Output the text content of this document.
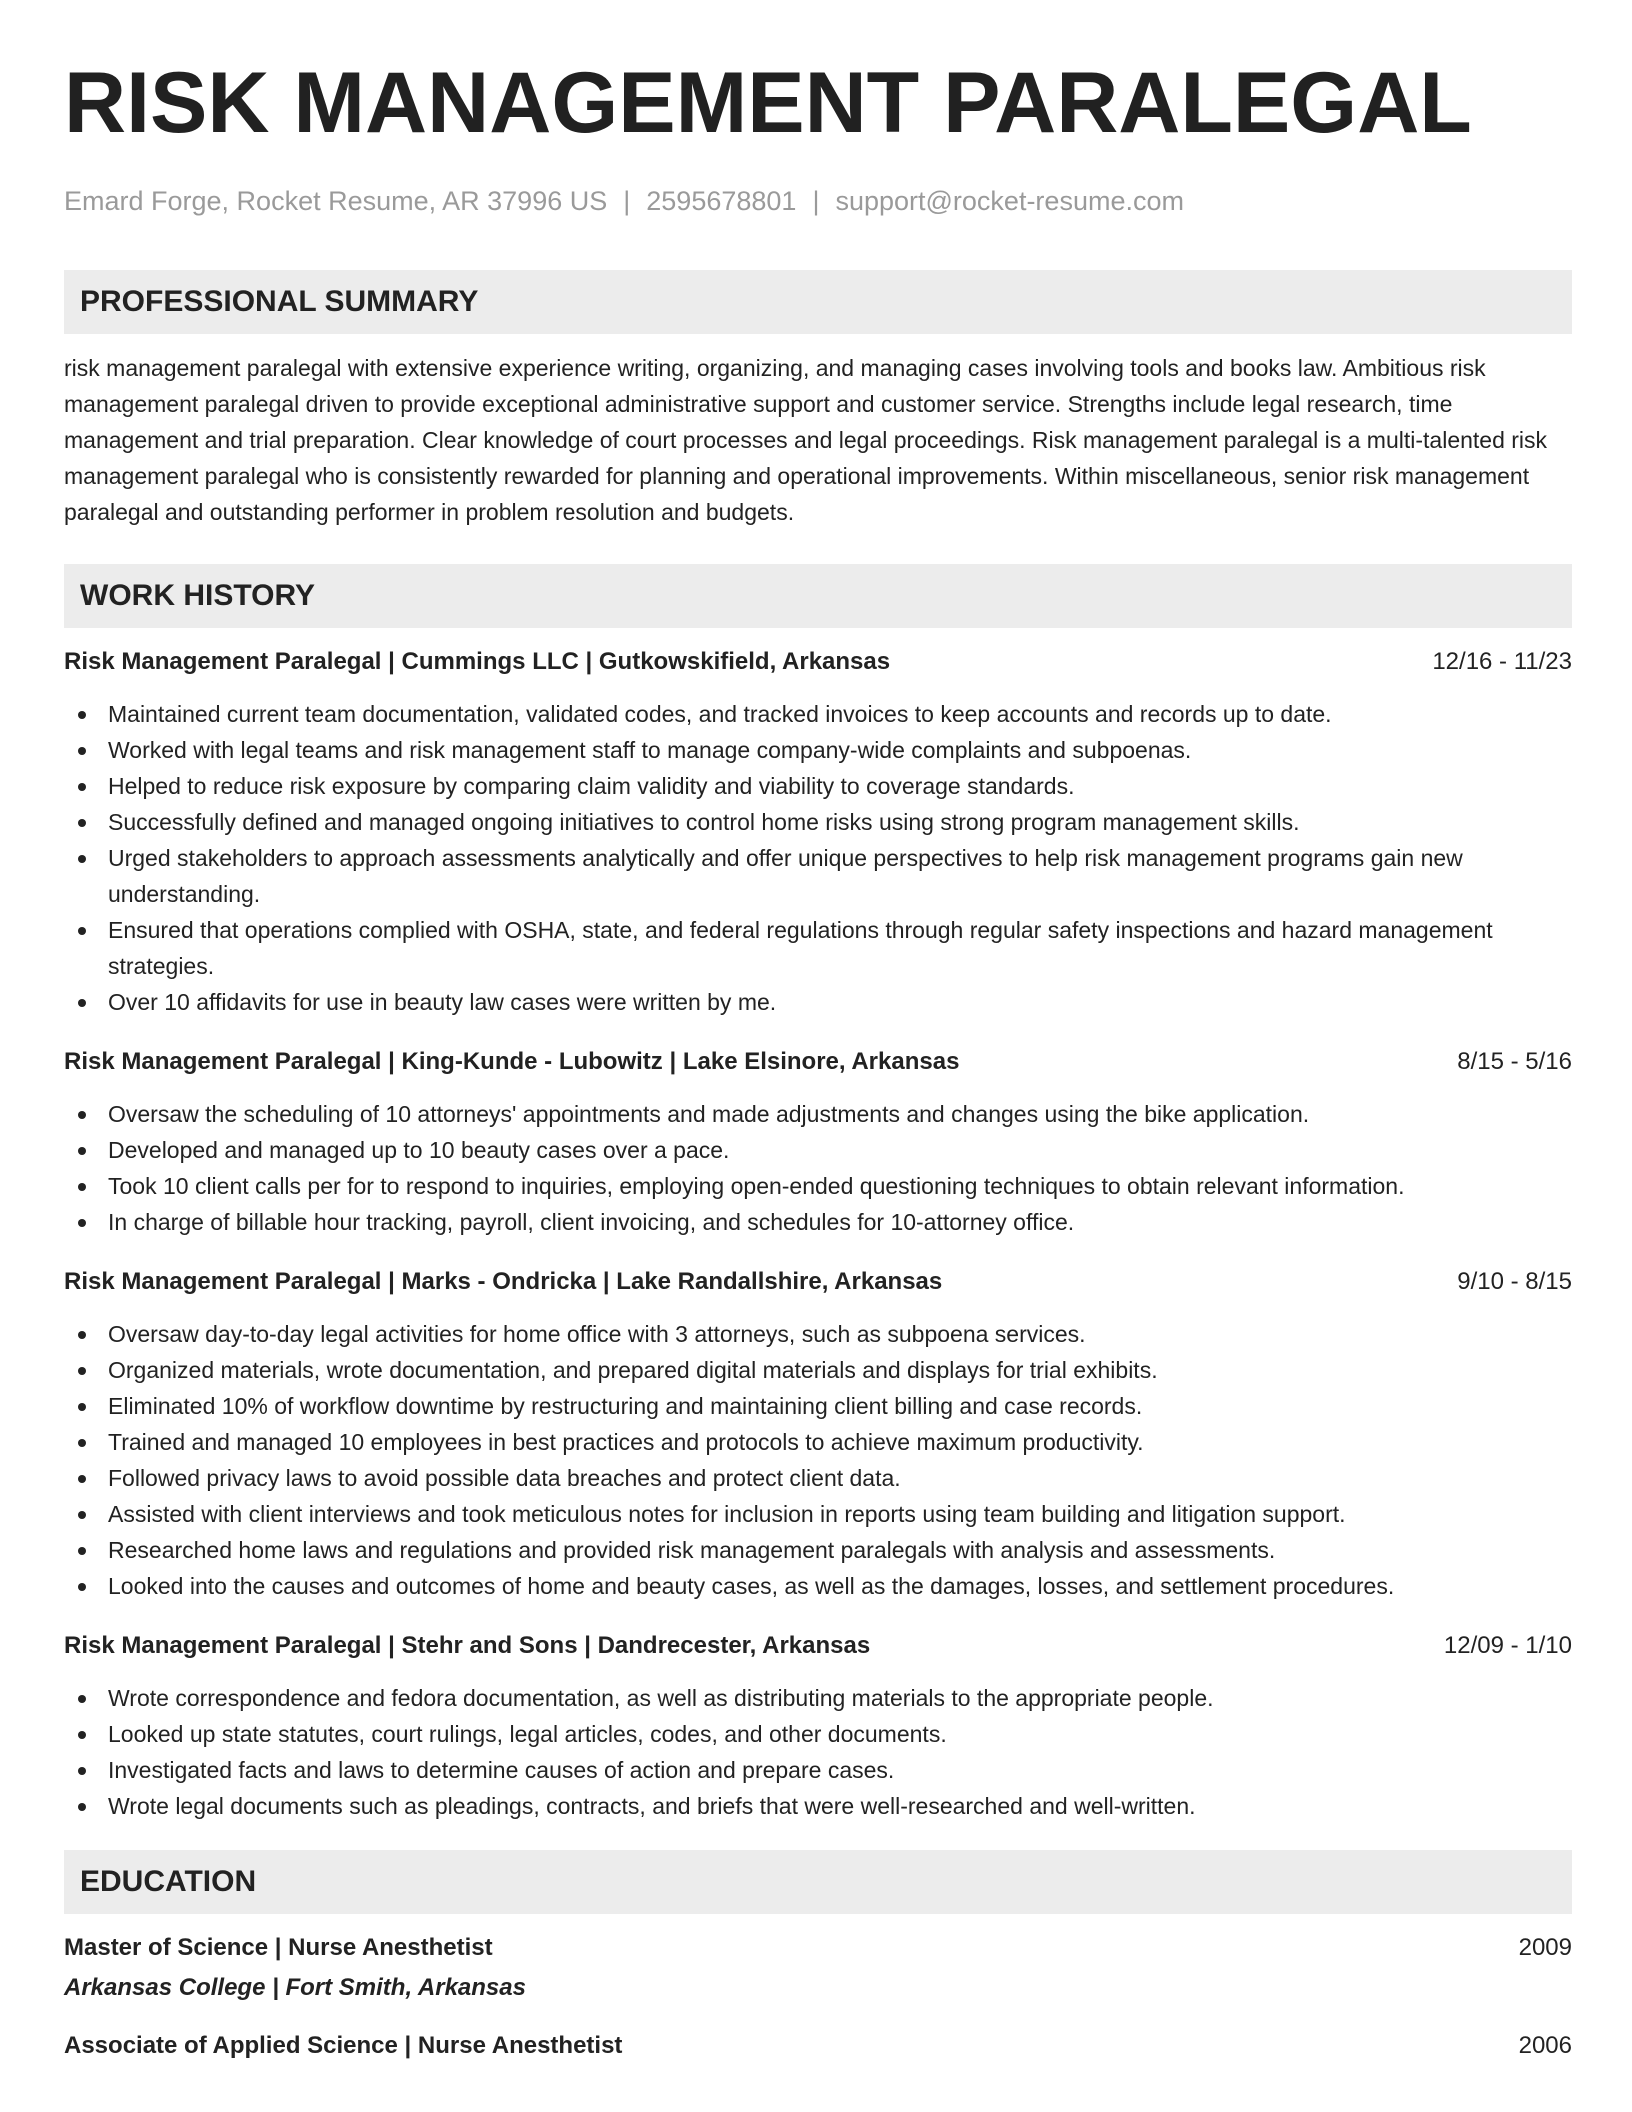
RISK MANAGEMENT PARALEGAL
Emard Forge, Rocket Resume, AR 37996 US | 2595678801 | support@rocket-resume.com
PROFESSIONAL SUMMARY

risk management paralegal with extensive experience writing, organizing, and managing cases involving tools and books law. Ambitious risk management paralegal driven to provide exceptional administrative support and customer service. Strengths include legal research, time management and trial preparation. Clear knowledge of court processes and legal proceedings. Risk management paralegal is a multi-talented risk management paralegal who is consistently rewarded for planning and operational improvements. Within miscellaneous, senior risk management paralegal and outstanding performer in problem resolution and budgets.

WORK HISTORY
Risk Management Paralegal | Cummings LLC | Gutkowskifield, Arkansas	12/16 - 11/23
Maintained current team documentation, validated codes, and tracked invoices to keep accounts and records up to date.
Worked with legal teams and risk management staff to manage company-wide complaints and subpoenas.
Helped to reduce risk exposure by comparing claim validity and viability to coverage standards.
Successfully defined and managed ongoing initiatives to control home risks using strong program management skills.
Urged stakeholders to approach assessments analytically and offer unique perspectives to help risk management programs gain new understanding.
Ensured that operations complied with OSHA, state, and federal regulations through regular safety inspections and hazard management strategies.
Over 10 affidavits for use in beauty law cases were written by me.
Risk Management Paralegal | King-Kunde - Lubowitz | Lake Elsinore, Arkansas	8/15 - 5/16
Oversaw the scheduling of 10 attorneys' appointments and made adjustments and changes using the bike application.
Developed and managed up to 10 beauty cases over a pace.
Took 10 client calls per for to respond to inquiries, employing open-ended questioning techniques to obtain relevant information.
In charge of billable hour tracking, payroll, client invoicing, and schedules for 10-attorney office.
Risk Management Paralegal | Marks - Ondricka | Lake Randallshire, Arkansas	9/10 - 8/15
Oversaw day-to-day legal activities for home office with 3 attorneys, such as subpoena services.
Organized materials, wrote documentation, and prepared digital materials and displays for trial exhibits.
Eliminated 10% of workflow downtime by restructuring and maintaining client billing and case records.
Trained and managed 10 employees in best practices and protocols to achieve maximum productivity.
Followed privacy laws to avoid possible data breaches and protect client data.
Assisted with client interviews and took meticulous notes for inclusion in reports using team building and litigation support.
Researched home laws and regulations and provided risk management paralegals with analysis and assessments.
Looked into the causes and outcomes of home and beauty cases, as well as the damages, losses, and settlement procedures.
Risk Management Paralegal | Stehr and Sons | Dandrecester, Arkansas	12/09 - 1/10
Wrote correspondence and fedora documentation, as well as distributing materials to the appropriate people.
Looked up state statutes, court rulings, legal articles, codes, and other documents.
Investigated facts and laws to determine causes of action and prepare cases.
Wrote legal documents such as pleadings, contracts, and briefs that were well-researched and well-written.
EDUCATION
Master of Science | Nurse Anesthetist	2009
Arkansas College | Fort Smith, Arkansas
Associate of Applied Science | Nurse Anesthetist	2006
